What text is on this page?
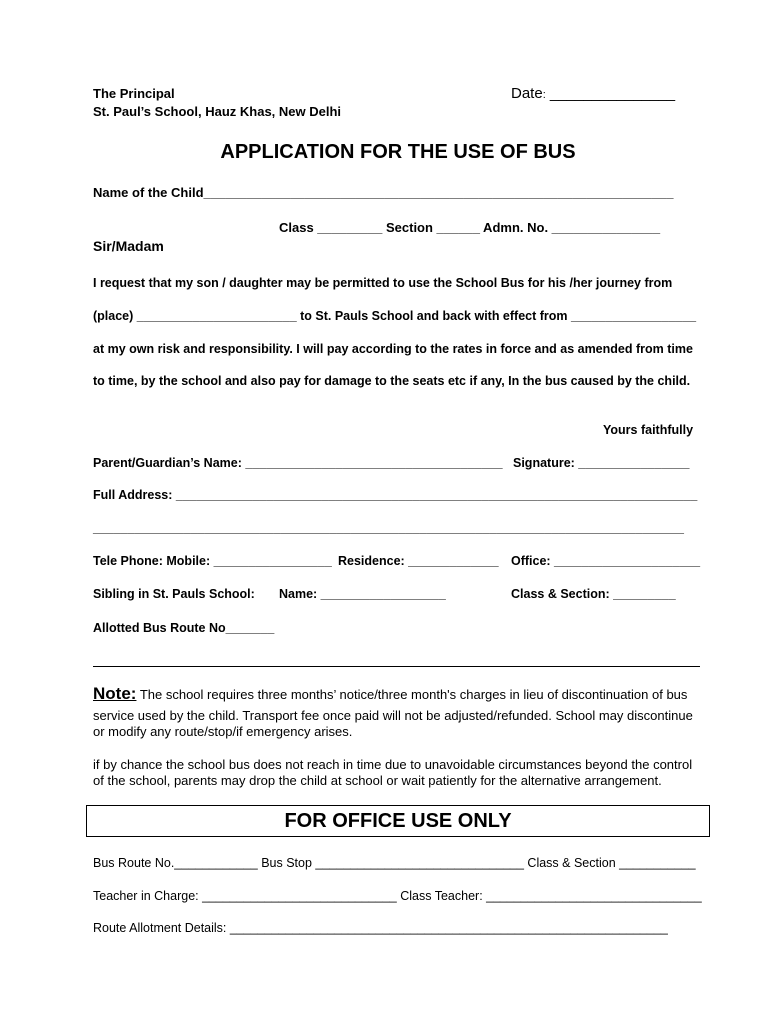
The Principal
St. Paul’s School, Hauz Khas, New Delhi
Date: _______________
APPLICATION FOR THE USE OF BUS
Name of the Child_________________________________________________________________
Class _________ Section ______ Admn. No. _______________
Sir/Madam
I request that my son / daughter may be permitted to use the School Bus for his /her journey from
(place) _______________________ to St. Pauls School and back with effect from __________________
at my own risk and responsibility. I will pay according to the rates in force and as amended from time
to time, by the school and also pay for damage to the seats etc if any, In the bus caused by the child.
Yours faithfully
Parent/Guardian’s Name: _____________________________________ Signature: ________________
Full Address: ___________________________________________________________________________
_____________________________________________________________________________________
Tele Phone: Mobile: _________________ Residence: _____________ Office: _____________________
Sibling in St. Pauls School: Name: __________________	Class & Section: _________
Allotted Bus Route No_______
Note: The school requires three months’ notice/three month's charges in lieu of discontinuation of bus
service used by the child. Transport fee once paid will not be adjusted/refunded. School may discontinue
or modify any route/stop/if emergency arises.
if by chance the school bus does not reach in time due to unavoidable circumstances beyond the control
of the school, parents may drop the child at school or wait patiently for the alternative arrangement.
FOR OFFICE USE ONLY
Bus Route No.____________ Bus Stop ______________________________ Class & Section ___________
Teacher in Charge: ____________________________ Class Teacher: _______________________________
Route Allotment Details: _______________________________________________________________
